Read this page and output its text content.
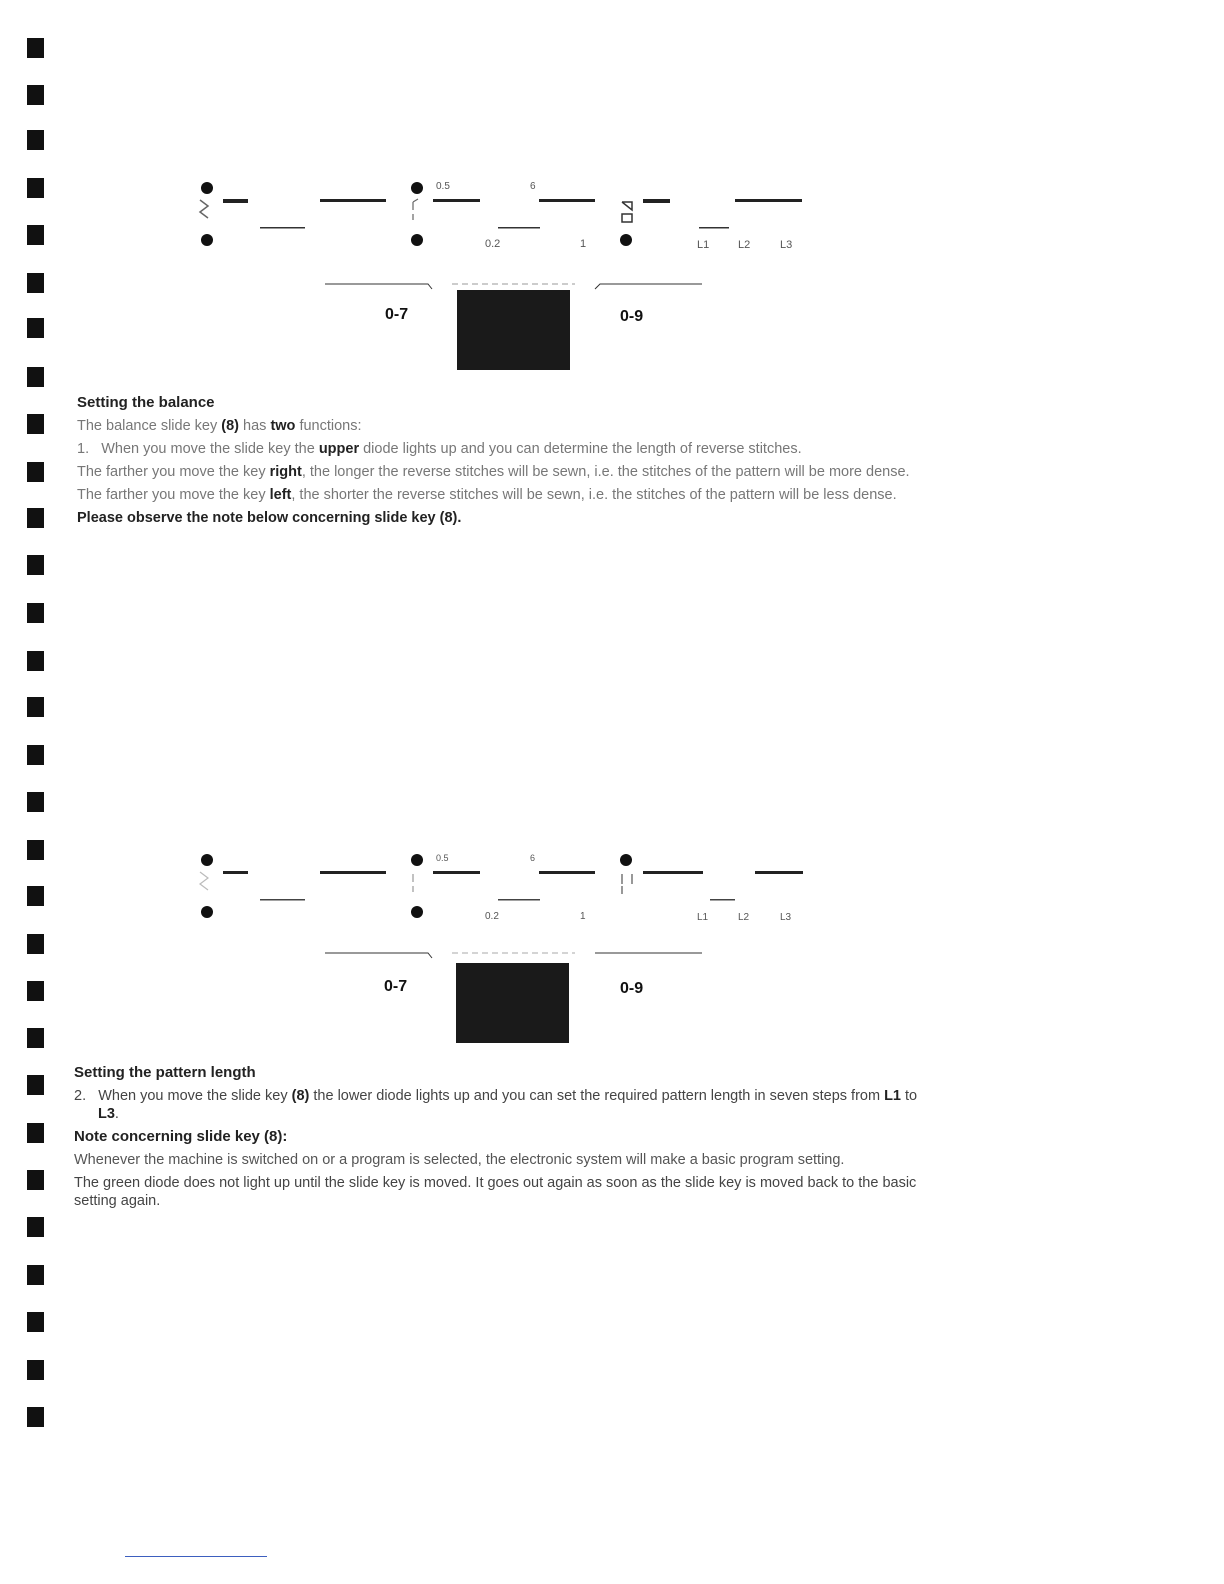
0.5	6
0.2	1	L1	L2	L3
0-7	0-9

Setting the balance

The balance slide key (8) has two functions:

1. When you move the slide key the upper diode lights up and you can determine the length of reverse stitches.

The farther you move the key right, the longer the reverse stitches will be sewn, i.e. the stitches of the pattern will be more dense.

The farther you move the key left, the shorter the reverse stitches will be sewn, i.e. the stitches of the pattern will be less dense.

Please observe the note below concerning slide key (8).

0.5	6
0.2	1	L1	L2	L3
0-7	0-9

Setting the pattern length

2. When you move the slide key (8) the lower diode lights up and you can set the required pattern length in seven steps from L1 to L3.

Note concerning slide key (8):

Whenever the machine is switched on or a program is selected, the electronic system will make a basic program setting.

The green diode does not light up until the slide key is moved. It goes out again as soon as the slide key is moved back to the basic setting again.
